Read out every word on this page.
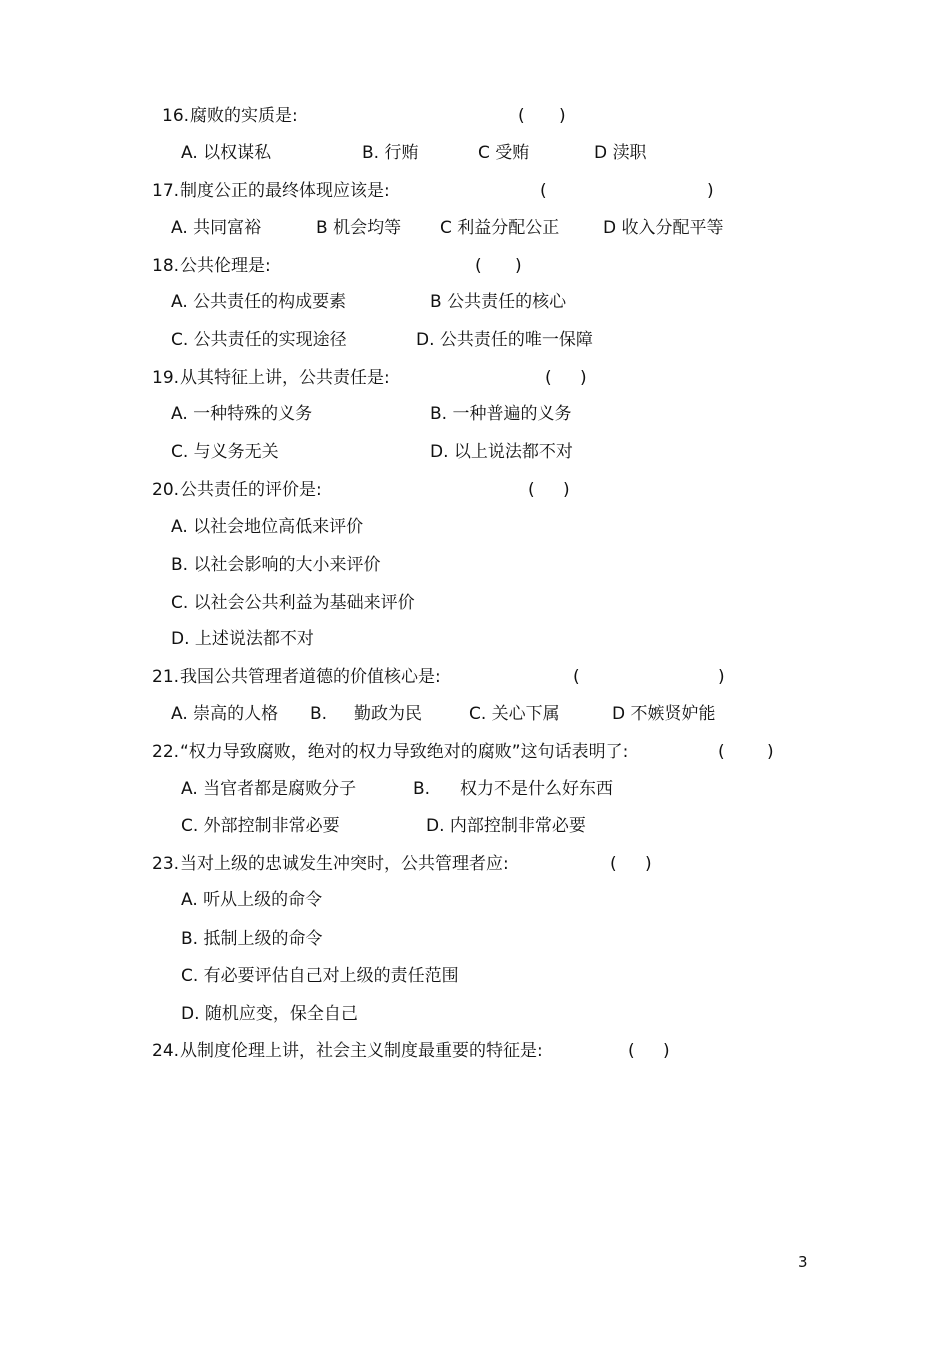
16. 腐败的实质是:	( )
A. 以权谋私	B. 行贿	C 受贿	D 渎职
17. 制度公正的最终体现应该是:	(	)
A. 共同富裕	B 机会均等 C 利益分配公正	D 收入分配平等
18. 公共伦理是:	( )
A. 公共责任的构成要素	B 公共责任的核心
C. 公共责任的实现途径	D. 公共责任的唯一保障
19. 从其特征上讲，公共责任是:	( )
A. 一种特殊的义务	B. 一种普遍的义务
C. 与义务无关	D. 以上说法都不对
20. 公共责任的评价是:	( )
A. 以社会地位高低来评价
B. 以社会影响的大小来评价
C. 以社会公共利益为基础来评价
D. 上述说法都不对
21. 我国公共管理者道德的价值核心是:	(	)
A. 崇高的人格 B. 勤政为民	C. 关心下属	D 不嫉贤妒能
22. “权力导致腐败，绝对的权力导致绝对的腐败”这句话表明了:	( )
A. 当官者都是腐败分子	B. 权力不是什么好东西
C. 外部控制非常必要	D. 内部控制非常必要
23. 当对上级的忠诚发生冲突时，公共管理者应:	( )
A. 听从上级的命令
B. 抵制上级的命令
C. 有必要评估自己对上级的责任范围
D. 随机应变，保全自己
24. 从制度伦理上讲，社会主义制度最重要的特征是:	( )
3
